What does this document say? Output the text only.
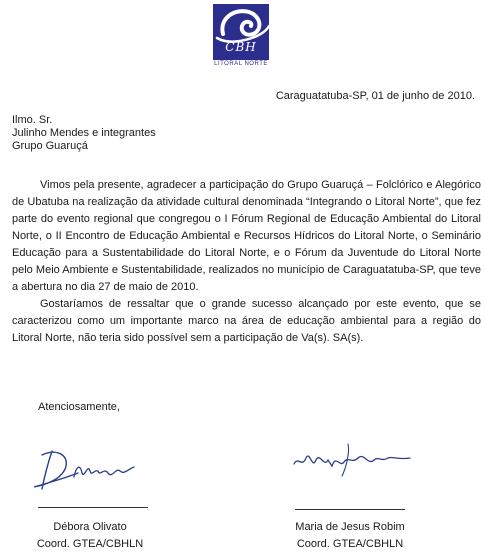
CBH
LITORAL NORTE
Caraguatatuba-SP, 01 de junho de 2010.
Ilmo. Sr.
Julinho Mendes e integrantes
Grupo Guaruçá

Vimos pela presente, agradecer a participação do Grupo Guaruçá – Folclórico e Alegórico de Ubatuba na realização da atividade cultural denominada “Integrando o Litoral Norte”, que fez parte do evento regional que congregou o I Fórum Regional de Educação Ambiental do Litoral Norte, o II Encontro de Educação Ambiental e Recursos Hídricos do Litoral Norte, o Seminário Educação para a Sustentabilidade do Litoral Norte, e o Fórum da Juventude do Litoral Norte pelo Meio Ambiente e Sustentabilidade, realizados no município de Caraguatatuba-SP, que teve a abertura no dia 27 de maio de 2010.

Gostaríamos de ressaltar que o grande sucesso alcançado por este evento, que se caracterizou como um importante marco na área de educação ambiental para a região do Litoral Norte, não teria sido possível sem a participação de Va(s). SA(s).

Atenciosamente,
Débora Olivato
Coord. GTEA/CBHLN
Maria de Jesus Robim
Coord. GTEA/CBHLN
